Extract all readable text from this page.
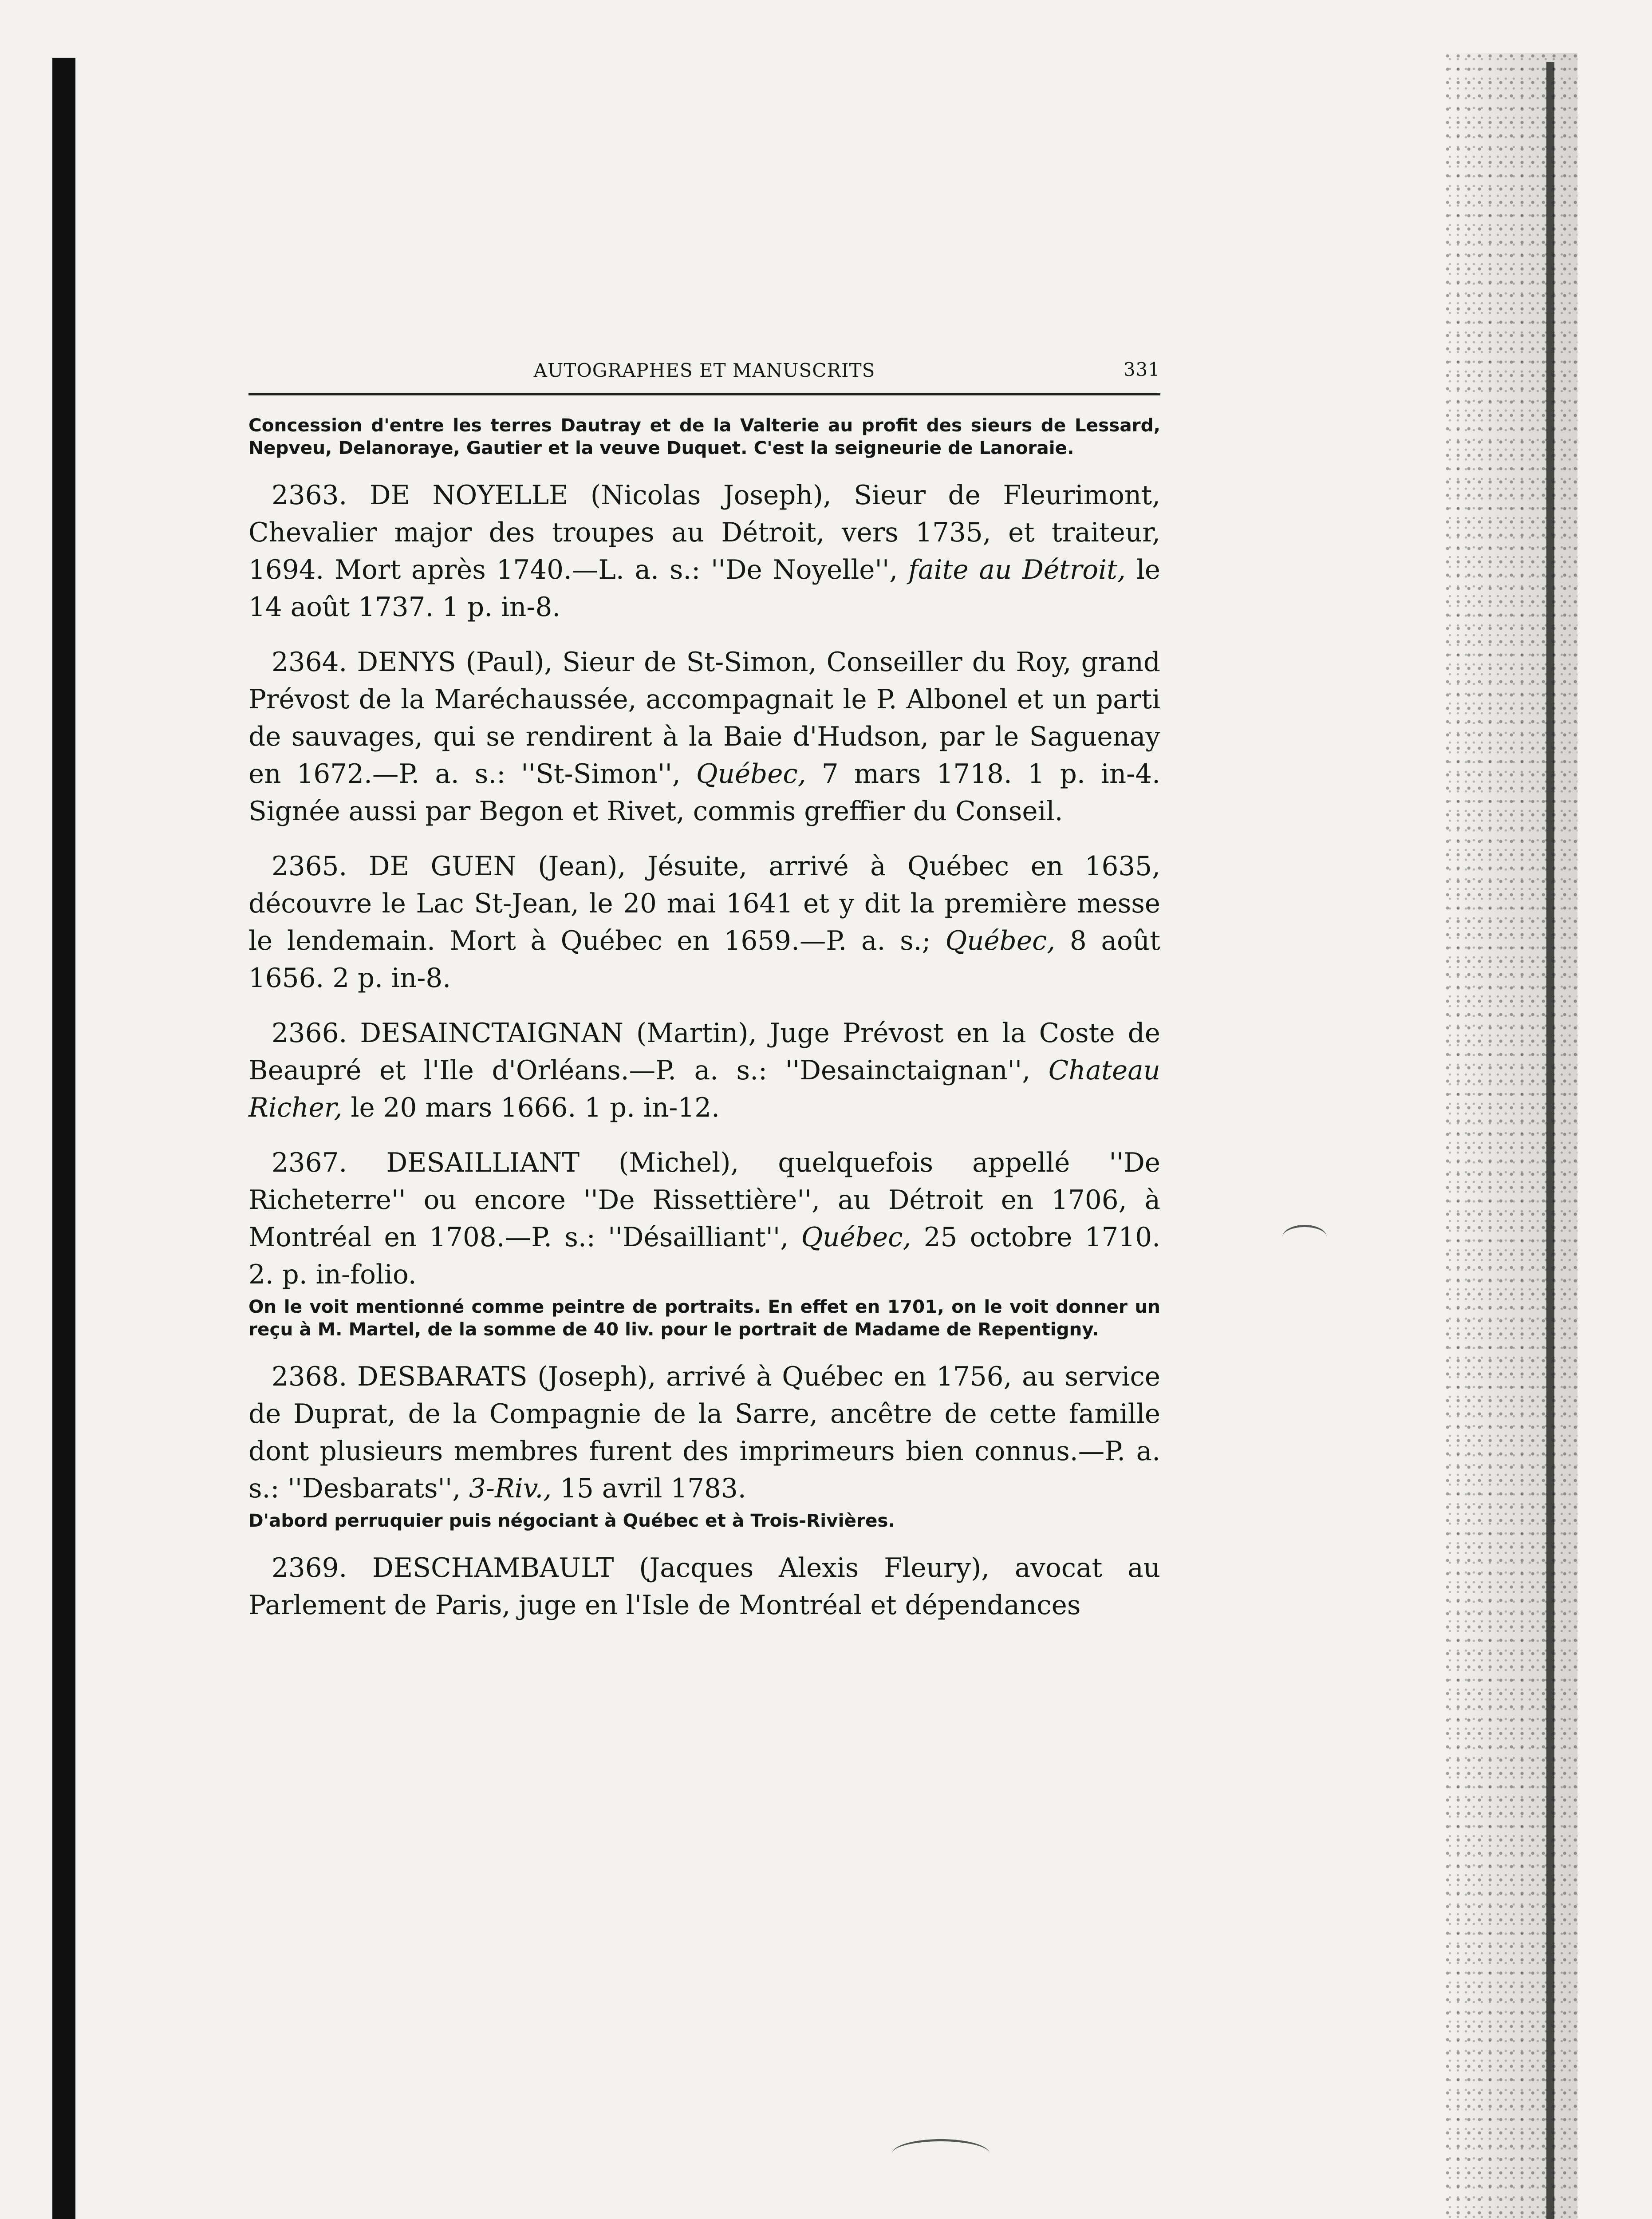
AUTOGRAPHES ET MANUSCRITS	331
Concession d'entre les terres Dautray et de la Valterie au profit des sieurs de Lessard, Nepveu, Delanoraye, Gautier et la veuve Duquet. C'est la seigneurie de Lanoraie.
2363. DE NOYELLE (Nicolas Joseph), Sieur de Fleurimont, Chevalier major des troupes au Détroit, vers 1735, et traiteur, 1694. Mort après 1740.—L. a. s.: ''De Noyelle'', faite au Détroit, le 14 août 1737. 1 p. in-8.
2364. DENYS (Paul), Sieur de St-Simon, Conseiller du Roy, grand Prévost de la Maréchaussée, accompagnait le P. Albonel et un parti de sauvages, qui se rendirent à la Baie d'Hudson, par le Saguenay en 1672.—P. a. s.: ''St-Simon'', Québec, 7 mars 1718. 1 p. in-4. Signée aussi par Begon et Rivet, commis greffier du Conseil.
2365. DE GUEN (Jean), Jésuite, arrivé à Québec en 1635, découvre le Lac St-Jean, le 20 mai 1641 et y dit la première messe le lendemain. Mort à Québec en 1659.—P. a. s.; Québec, 8 août 1656. 2 p. in-8.
2366. DESAINCTAIGNAN (Martin), Juge Prévost en la Coste de Beaupré et l'Ile d'Orléans.—P. a. s.: ''Desainctaignan'', Chateau Richer, le 20 mars 1666. 1 p. in-12.
2367. DESAILLIANT (Michel), quelquefois appellé ''De Richeterre'' ou encore ''De Rissettière'', au Détroit en 1706, à Montréal en 1708.—P. s.: ''Désailliant'', Québec, 25 octobre 1710. 2. p. in-folio.
On le voit mentionné comme peintre de portraits. En effet en 1701, on le voit donner un reçu à M. Martel, de la somme de 40 liv. pour le portrait de Madame de Repentigny.
2368. DESBARATS (Joseph), arrivé à Québec en 1756, au service de Duprat, de la Compagnie de la Sarre, ancêtre de cette famille dont plusieurs membres furent des imprimeurs bien connus.—P. a. s.: ''Desbarats'', 3-Riv., 15 avril 1783.
D'abord perruquier puis négociant à Québec et à Trois-Rivières.
2369. DESCHAMBAULT (Jacques Alexis Fleury), avocat au Parlement de Paris, juge en l'Isle de Montréal et dépendances
